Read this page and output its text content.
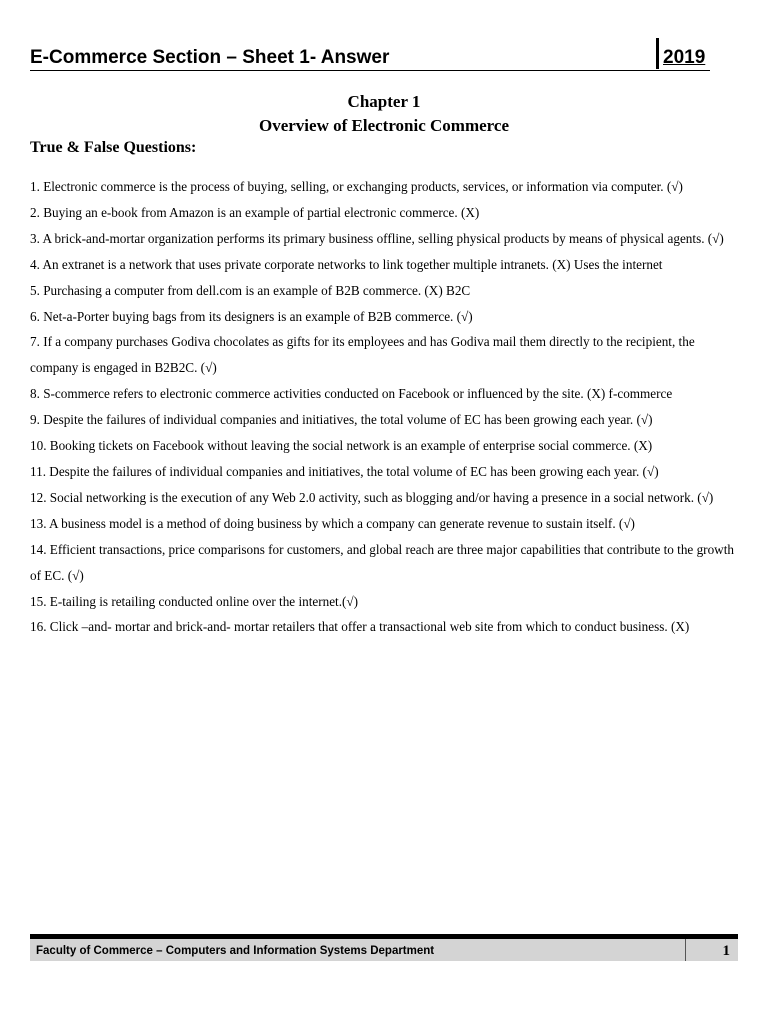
E-Commerce Section – Sheet 1- Answer	2019
Chapter 1
Overview of Electronic Commerce
True & False Questions:
1. Electronic commerce is the process of buying, selling, or exchanging products, services, or information via computer. (√)
2. Buying an e-book from Amazon is an example of partial electronic commerce. (X)
3. A brick-and-mortar organization performs its primary business offline, selling physical products by means of physical agents. (√)
4. An extranet is a network that uses private corporate networks to link together multiple intranets. (X) Uses the internet
5. Purchasing a computer from dell.com is an example of B2B commerce. (X) B2C
6. Net-a-Porter buying bags from its designers is an example of B2B commerce. (√)
7. If a company purchases Godiva chocolates as gifts for its employees and has Godiva mail them directly to the recipient, the company is engaged in B2B2C. (√)
8. S-commerce refers to electronic commerce activities conducted on Facebook or influenced by the site. (X) f-commerce
9. Despite the failures of individual companies and initiatives, the total volume of EC has been growing each year. (√)
10. Booking tickets on Facebook without leaving the social network is an example of enterprise social commerce. (X)
11. Despite the failures of individual companies and initiatives, the total volume of EC has been growing each year. (√)
12. Social networking is the execution of any Web 2.0 activity, such as blogging and/or having a presence in a social network. (√)
13. A business model is a method of doing business by which a company can generate revenue to sustain itself. (√)
14. Efficient transactions, price comparisons for customers, and global reach are three major capabilities that contribute to the growth of EC. (√)
15. E-tailing is retailing conducted online over the internet.(√)
16. Click –and- mortar and brick-and- mortar retailers that offer a transactional web site from which to conduct business. (X)
Faculty of Commerce – Computers and Information Systems Department	1
